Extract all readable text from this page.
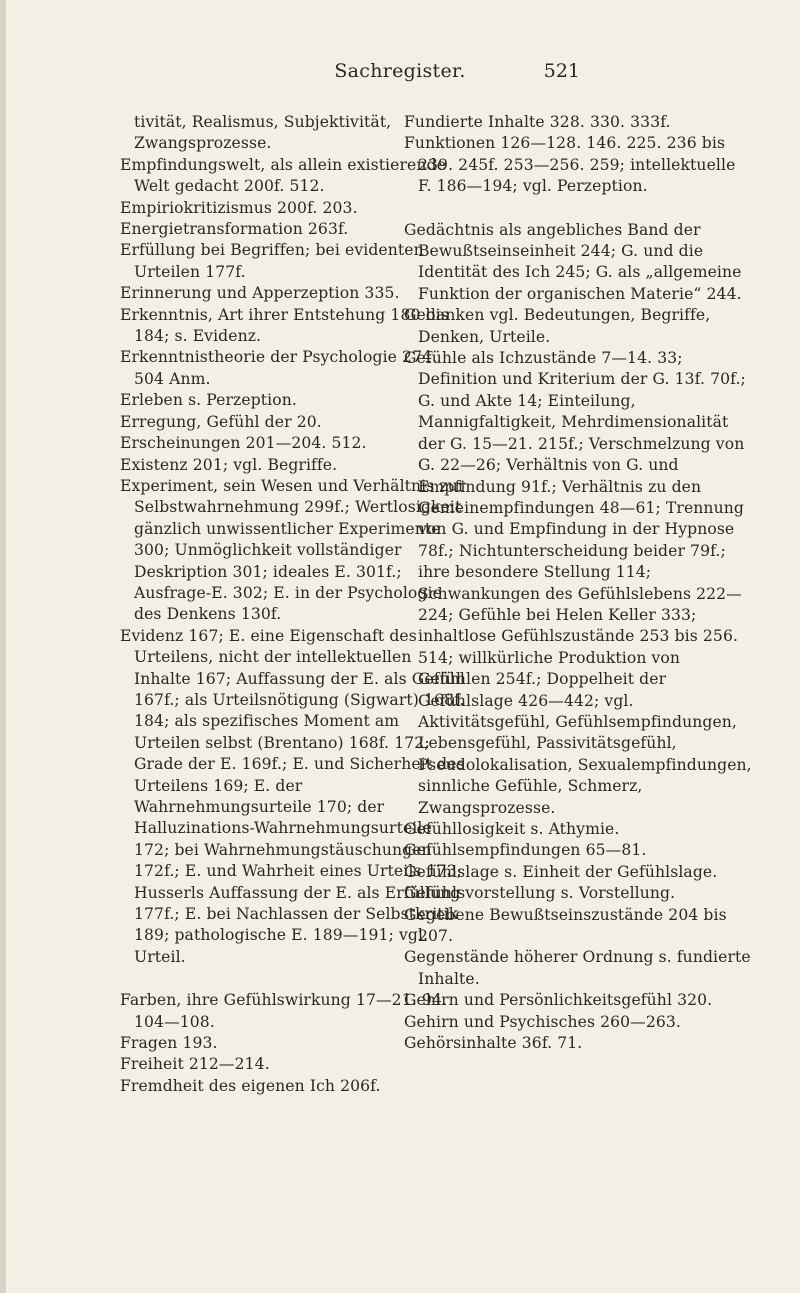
Sachregister.	521

tivität, Realismus, Subjektivität, Zwangsprozesse.

Empfindungswelt, als allein existierende Welt gedacht 200f. 512.

Empiriokritizismus 200f. 203.

Energietransformation 263f.

Erfüllung bei Begriffen; bei evidenten Urteilen 177f.

Erinnerung und Apperzeption 335.

Erkenntnis, Art ihrer Entstehung 180 bis 184; s. Evidenz.

Erkenntnistheorie der Psychologie 274. 504 Anm.

Erleben s. Perzeption.

Erregung, Gefühl der 20.

Erscheinungen 201—204. 512.

Existenz 201; vgl. Begriffe.

Experiment, sein Wesen und Verhältnis zur Selbstwahrnehmung 299f.; Wertlosigkeit gänzlich unwissentlicher Experimente 300; Unmöglichkeit vollständiger Deskription 301; ideales E. 301f.; Ausfrage-E. 302; E. in der Psychologie des Denkens 130f.

Evidenz 167; E. eine Eigenschaft des Urteilens, nicht der intellektuellen Inhalte 167; Auffassung der E. als Gefühl 167f.; als Urteilsnötigung (Sigwart) 168f. 184; als spezifisches Moment am Urteilen selbst (Brentano) 168f. 172; Grade der E. 169f.; E. und Sicherheit des Urteilens 169; E. der Wahrnehmungsurteile 170; der Halluzinations-Wahrnehmungsurteile 172; bei Wahrnehmungstäuschungen 172f.; E. und Wahrheit eines Urteils 173; Husserls Auffassung der E. als Erfüllung 177f.; E. bei Nachlassen der Selbstkritik 189; pathologische E. 189—191; vgl. Urteil.

Farben, ihre Gefühlswirkung 17—21. 94. 104—108.

Fragen 193.

Freiheit 212—214.

Fremdheit des eigenen Ich 206f.

Fundierte Inhalte 328. 330. 333f.

Funktionen 126—128. 146. 225. 236 bis 239. 245f. 253—256. 259; intellektuelle F. 186—194; vgl. Perzeption.

Gedächtnis als angebliches Band der Bewußtseinseinheit 244; G. und die Identität des Ich 245; G. als „allgemeine Funktion der organischen Materie“ 244.

Gedanken vgl. Bedeutungen, Begriffe, Denken, Urteile.

Gefühle als Ichzustände 7—14. 33; Definition und Kriterium der G. 13f. 70f.; G. und Akte 14; Einteilung, Mannigfaltigkeit, Mehrdimensionalität der G. 15—21. 215f.; Verschmelzung von G. 22—26; Verhältnis von G. und Empfindung 91f.; Verhältnis zu den Gemeinempfindungen 48—61; Trennung von G. und Empfindung in der Hypnose 78f.; Nichtunterscheidung beider 79f.; ihre besondere Stellung 114; Schwankungen des Gefühlslebens 222—224; Gefühle bei Helen Keller 333; inhaltlose Gefühlszustände 253 bis 256. 514; willkürliche Produktion von Gefühlen 254f.; Doppelheit der Gefühlslage 426—442; vgl. Aktivitätsgefühl, Gefühlsempfindungen, Lebensgefühl, Passivitätsgefühl, Pseudolokalisation, Sexualempfindungen, sinnliche Gefühle, Schmerz, Zwangsprozesse.

Gefühllosigkeit s. Athymie.

Gefühlsempfindungen 65—81.

Gefühlslage s. Einheit der Gefühlslage.

Gefühlsvorstellung s. Vorstellung.

Gegebene Bewußtseinszustände 204 bis 207.

Gegenstände höherer Ordnung s. fundierte Inhalte.

Gehirn und Persönlichkeitsgefühl 320.

Gehirn und Psychisches 260—263.

Gehörsinhalte 36f. 71.
